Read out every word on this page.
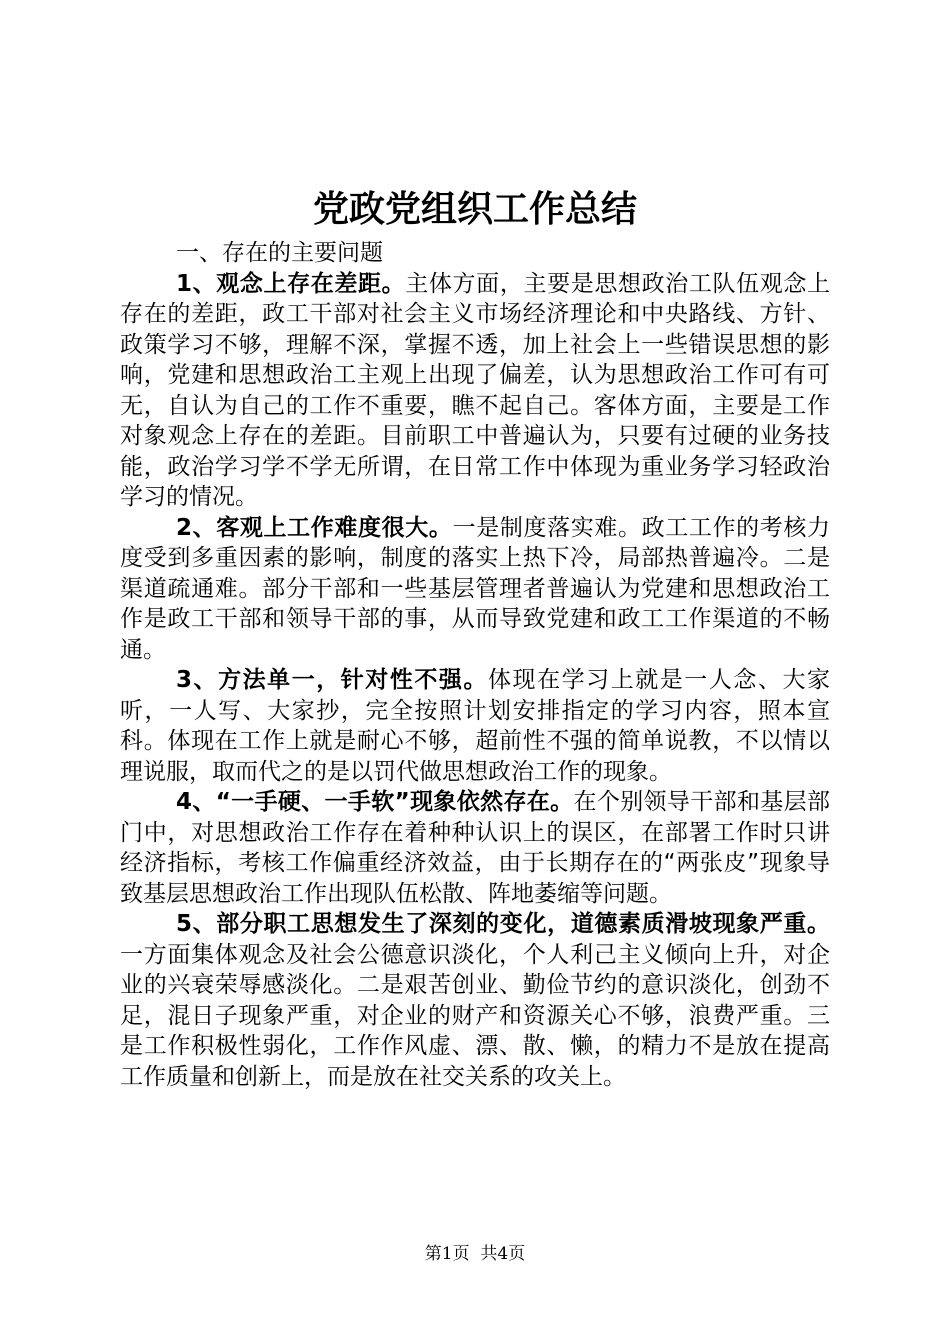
党政党组织工作总结

一、存在的主要问题

1、观念上存在差距。主体方面，主要是思想政治工队伍观念上存在的差距，政工干部对社会主义市场经济理论和中央路线、方针、政策学习不够，理解不深，掌握不透，加上社会上一些错误思想的影响，党建和思想政治工主观上出现了偏差，认为思想政治工作可有可无，自认为自己的工作不重要，瞧不起自己。客体方面，主要是工作对象观念上存在的差距。目前职工中普遍认为，只要有过硬的业务技能，政治学习学不学无所谓，在日常工作中体现为重业务学习轻政治学习的情况。

2、客观上工作难度很大。一是制度落实难。政工工作的考核力度受到多重因素的影响，制度的落实上热下冷，局部热普遍冷。二是渠道疏通难。部分干部和一些基层管理者普遍认为党建和思想政治工作是政工干部和领导干部的事，从而导致党建和政工工作渠道的不畅通。

3、方法单一，针对性不强。体现在学习上就是一人念、大家听，一人写、大家抄，完全按照计划安排指定的学习内容，照本宣科。体现在工作上就是耐心不够，超前性不强的简单说教，不以情以理说服，取而代之的是以罚代做思想政治工作的现象。

4、“一手硬、一手软”现象依然存在。在个别领导干部和基层部门中，对思想政治工作存在着种种认识上的误区，在部署工作时只讲经济指标，考核工作偏重经济效益，由于长期存在的“两张皮”现象导致基层思想政治工作出现队伍松散、阵地萎缩等问题。

5、部分职工思想发生了深刻的变化，道德素质滑坡现象严重。一方面集体观念及社会公德意识淡化，个人利己主义倾向上升，对企业的兴衰荣辱感淡化。二是艰苦创业、勤俭节约的意识淡化，创劲不足，混日子现象严重，对企业的财产和资源关心不够，浪费严重。三是工作积极性弱化，工作作风虚、漂、散、懒，的精力不是放在提高工作质量和创新上，而是放在社交关系的攻关上。

第1页  共4页
